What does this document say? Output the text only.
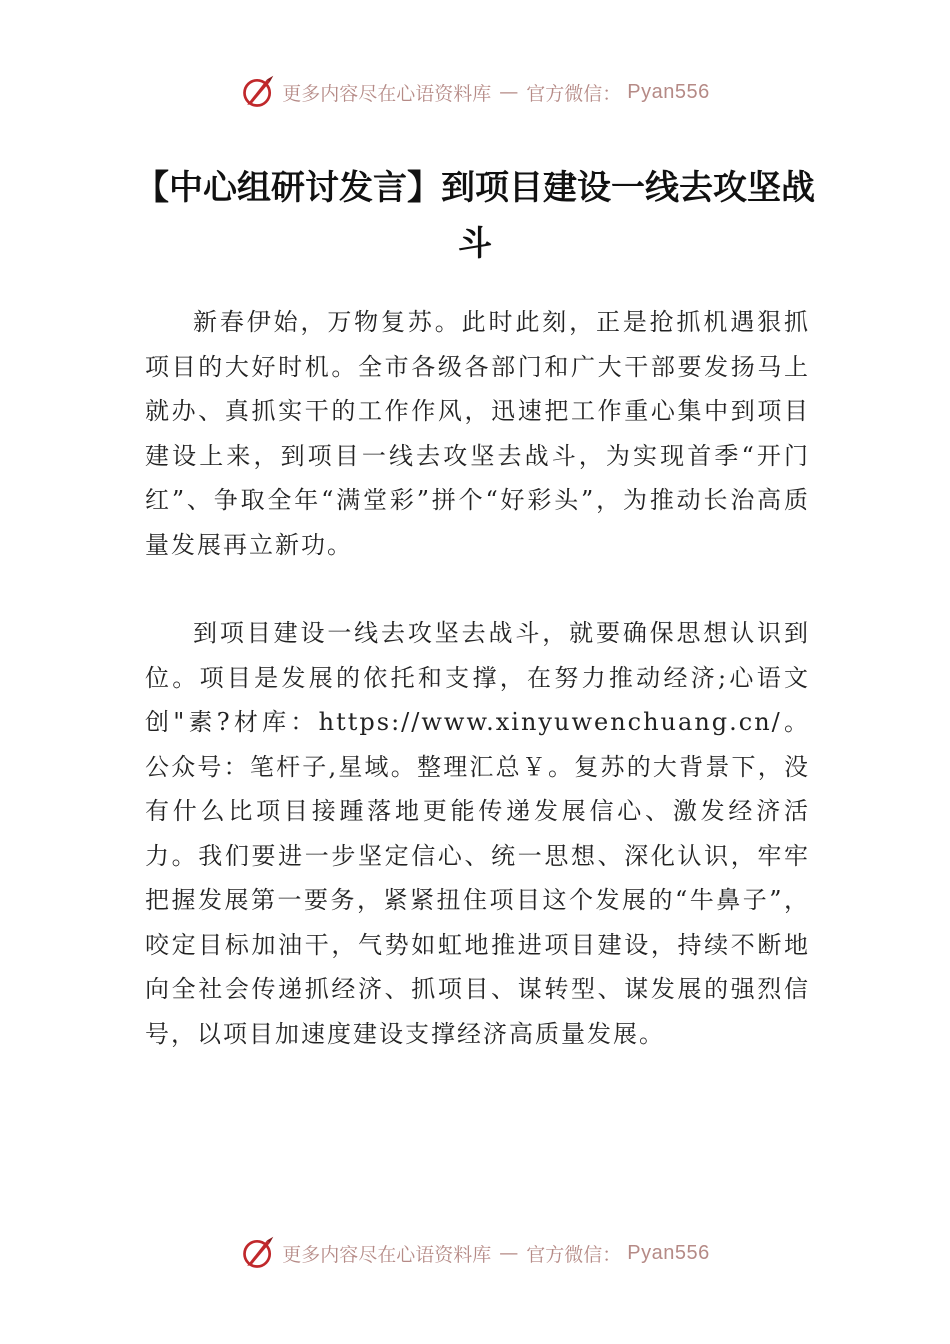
更多内容尽在心语资料库 — 官方微信： Pyan556
【中心组研讨发言】到项目建设一线去攻坚战斗

新春伊始，万物复苏。此时此刻，正是抢抓机遇狠抓项目的大好时机。全市各级各部门和广大干部要发扬马上就办、真抓实干的工作作风，迅速把工作重心集中到项目建设上来，到项目一线去攻坚去战斗，为实现首季“开门红”、争取全年“满堂彩”拼个“好彩头”，为推动长治高质量发展再立新功。

到项目建设一线去攻坚去战斗，就要确保思想认识到位。项目是发展的依托和支撑，在努力推动经济;心语文创"素?材库：https://www.xinyuwenchuang.cn/。公众号：笔杆子,星域。整理汇总￥。复苏的大背景下，没有什么比项目接踵落地更能传递发展信心、激发经济活力。我们要进一步坚定信心、统一思想、深化认识，牢牢把握发展第一要务，紧紧扭住项目这个发展的“牛鼻子”，咬定目标加油干，气势如虹地推进项目建设，持续不断地向全社会传递抓经济、抓项目、谋转型、谋发展的强烈信号，以项目加速度建设支撑经济高质量发展。

更多内容尽在心语资料库 — 官方微信： Pyan556
